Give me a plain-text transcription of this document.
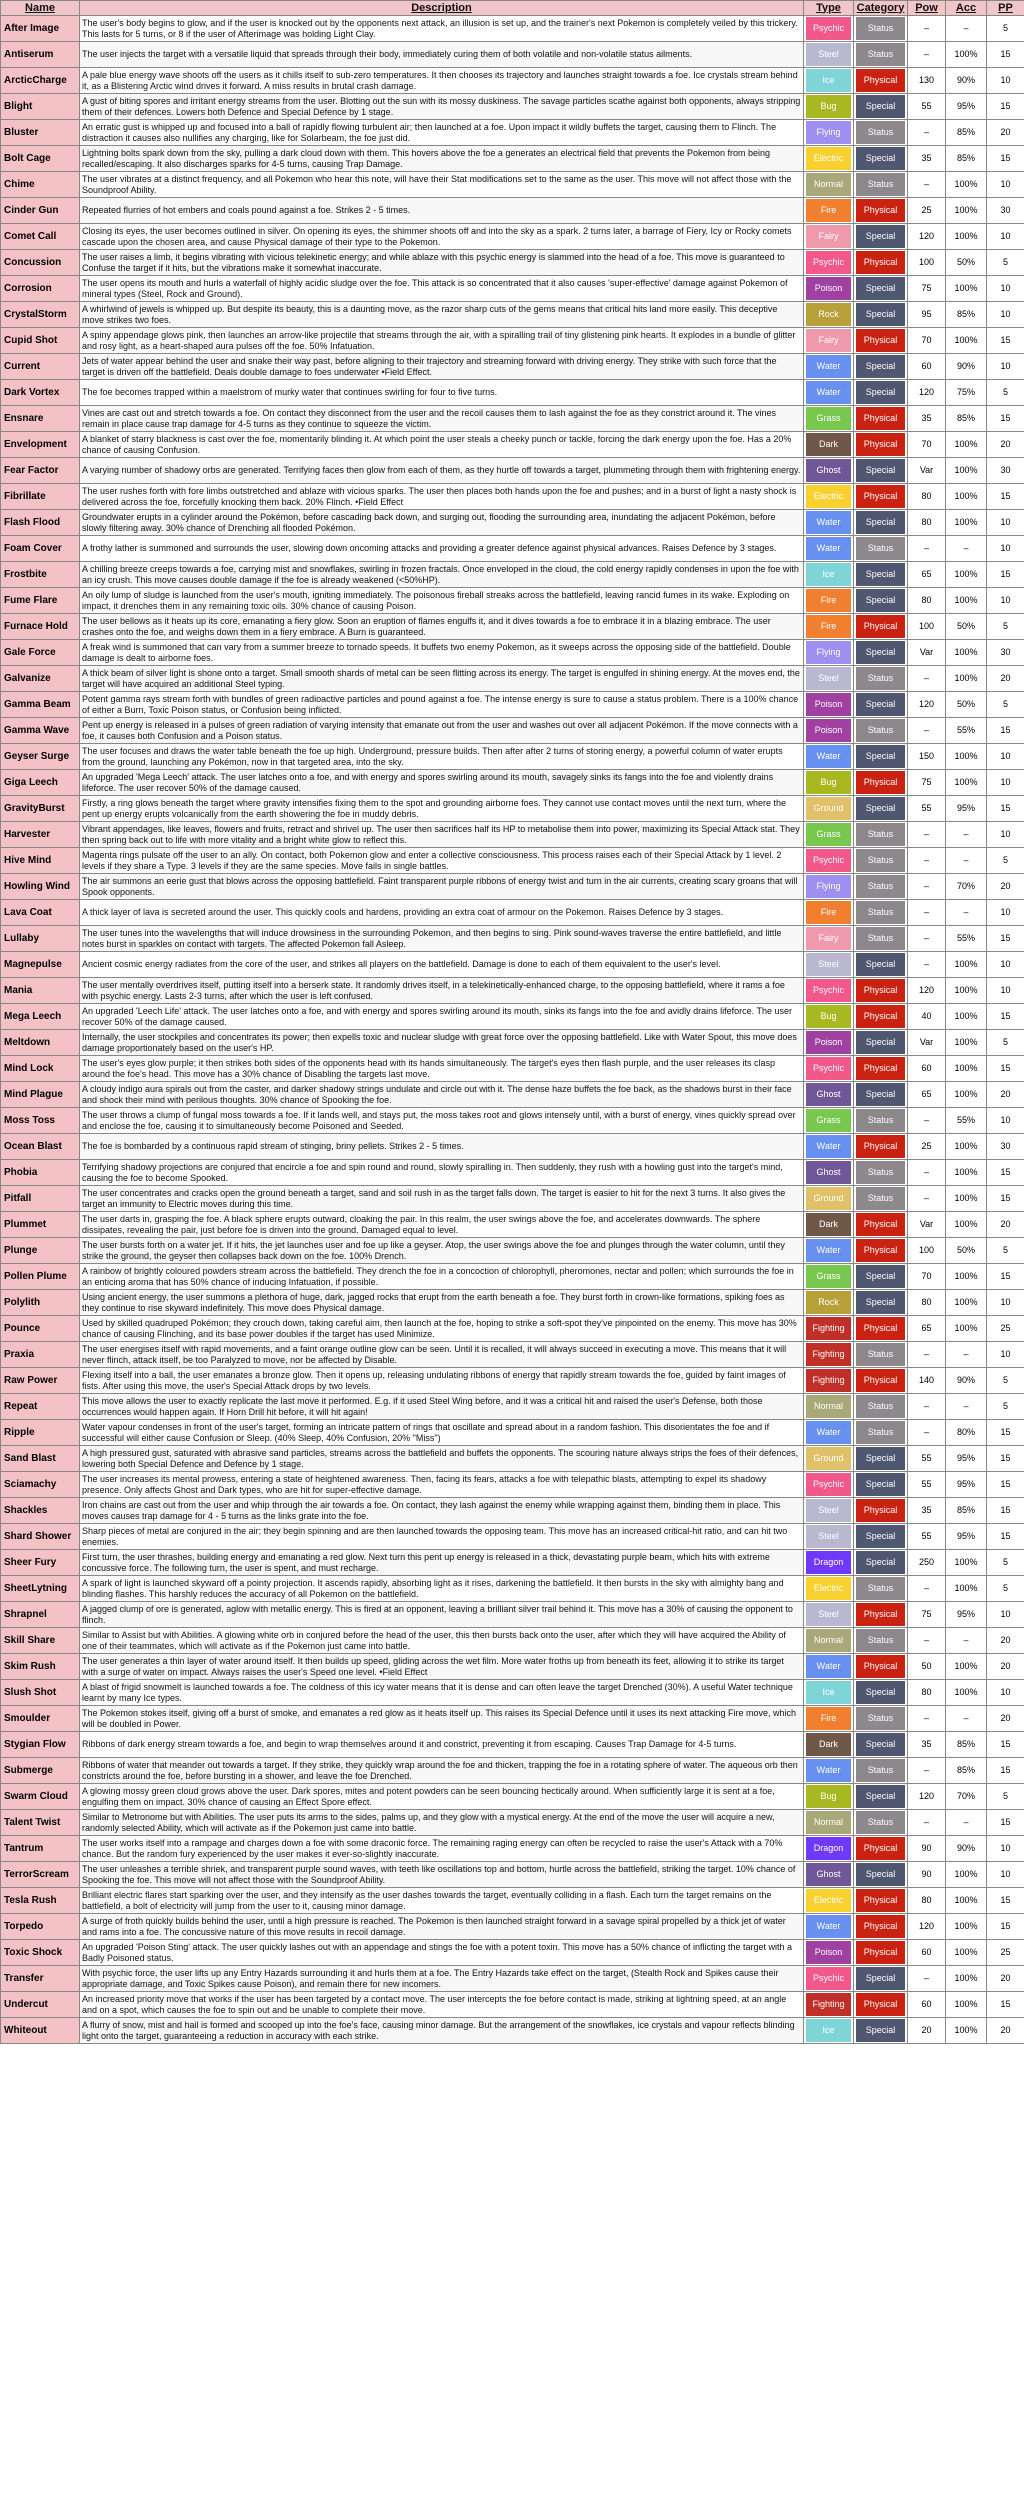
Name	Description	Type	Category	Pow	Acc	PP
After Image	The user's body begins to glow, and if the user is knocked out by the opponents next attack, an illusion is set up, and the trainer's next Pokemon is completely veiled by this trickery. This lasts for 5 turns, or 8 if the user of Afterimage was holding Light Clay.	Psychic	Status	–	–	5
Antiserum	The user injects the target with a versatile liquid that spreads through their body, immediately curing them of both volatile and non-volatile status ailments.	Steel	Status	–	100%	15
ArcticCharge	A pale blue energy wave shoots off the users as it chills itself to sub-zero temperatures. It then chooses its trajectory and launches straight towards a foe. Ice crystals stream behind it, as a Blistering Arctic wind drives it forward. A miss results in brutal crash damage.	Ice	Physical	130	90%	10
Blight	A gust of biting spores and irritant energy streams from the user. Blotting out the sun with its mossy duskiness. The savage particles scathe against both opponents, always stripping them of their defences. Lowers both Defence and Special Defence by 1 stage.	Bug	Special	55	95%	15
Bluster	An erratic gust is whipped up and focused into a ball of rapidly flowing turbulent air; then launched at a foe. Upon impact it wildly buffets the target, causing them to Flinch. The distraction it causes also nullifies any charging, like for Solarbeam, the foe just did.	Flying	Status	–	85%	20
Bolt Cage	Lightning bolts spark down from the sky, pulling a dark cloud down with them. This hovers above the foe a generates an electrical field that prevents the Pokemon from being recalled/escaping. It also discharges sparks for 4-5 turns, causing Trap Damage.	Electric	Special	35	85%	15
Chime	The user vibrates at a distinct frequency, and all Pokemon who hear this note, will have their Stat modifications set to the same as the user. This move will not affect those with the Soundproof Ability.	Normal	Status	–	100%	10
Cinder Gun	Repeated flurries of hot embers and coals pound against a foe. Strikes 2 - 5 times.	Fire	Physical	25	100%	30
Comet Call	Closing its eyes, the user becomes outlined in silver. On opening its eyes, the shimmer shoots off and into the sky as a spark. 2 turns later, a barrage of Fiery, Icy or Rocky comets cascade upon the chosen area, and cause Physical damage of their type to the Pokemon.	Fairy	Special	120	100%	10
Concussion	The user raises a limb, it begins vibrating with vicious telekinetic energy; and while ablaze with this psychic energy is slammed into the head of a foe. This move is guaranteed to Confuse the target if it hits, but the vibrations make it somewhat inaccurate.	Psychic	Physical	100	50%	5
Corrosion	The user opens its mouth and hurls a waterfall of highly acidic sludge over the foe. This attack is so concentrated that it also causes 'super-effective' damage against Pokemon of mineral types (Steel, Rock and Ground).	Poison	Special	75	100%	10
CrystalStorm	A whirlwind of jewels is whipped up. But despite its beauty, this is a daunting move, as the razor sharp cuts of the gems means that critical hits land more easily. This deceptive move strikes two foes.	Rock	Special	95	85%	10
Cupid Shot	A spiny appendage glows pink, then launches an arrow-like projectile that streams through the air, with a spiralling trail of tiny glistening pink hearts. It explodes in a bundle of glitter and rosy light, as a heart-shaped aura pulses off the foe. 50% Infatuation.	Fairy	Physical	70	100%	15
Current	Jets of water appear behind the user and snake their way past, before aligning to their trajectory and streaming forward with driving energy. They strike with such force that the target is driven off the battlefield. Deals double damage to foes underwater •Field Effect.	Water	Special	60	90%	10
Dark Vortex	The foe becomes trapped within a maelstrom of murky water that continues swirling for four to five turns.	Water	Special	120	75%	5
Ensnare	Vines are cast out and stretch towards a foe. On contact they disconnect from the user and the recoil causes them to lash against the foe as they constrict around it. The vines remain in place cause trap damage for 4-5 turns as they continue to squeeze the victim.	Grass	Physical	35	85%	15
Envelopment	A blanket of starry blackness is cast over the foe, momentarily blinding it. At which point the user steals a cheeky punch or tackle, forcing the dark energy upon the foe. Has a 20% chance of causing Confusion.	Dark	Physical	70	100%	20
Fear Factor	A varying number of shadowy orbs are generated. Terrifying faces then glow from each of them, as they hurtle off towards a target, plummeting through them with frightening energy.	Ghost	Special	Var	100%	30
Fibrillate	The user rushes forth with fore limbs outstretched and ablaze with vicious sparks. The user then places both hands upon the foe and pushes; and in a burst of light a nasty shock is delivered across the foe, forcefully knocking them back. 20% Flinch. •Field Effect	Electric	Physical	80	100%	15
Flash Flood	Groundwater erupts in a cylinder around the Pokémon, before cascading back down, and surging out, flooding the surrounding area, inundating the adjacent Pokémon, before slowly filtering away. 30% chance of Drenching all flooded Pokémon.	Water	Special	80	100%	10
Foam Cover	A frothy lather is summoned and surrounds the user, slowing down oncoming attacks and providing a greater defence against physical advances. Raises Defence by 3 stages.	Water	Status	–	–	10
Frostbite	A chilling breeze creeps towards a foe, carrying mist and snowflakes, swirling in frozen fractals. Once enveloped in the cloud, the cold energy rapidly condenses in upon the foe with an icy crush. This move causes double damage if the foe is already weakened (<50%HP).	Ice	Special	65	100%	15
Fume Flare	An oily lump of sludge is launched from the user's mouth, igniting immediately. The poisonous fireball streaks across the battlefield, leaving rancid fumes in its wake. Exploding on impact, it drenches them in any remaining toxic oils. 30% chance of causing Poison.	Fire	Special	80	100%	10
Furnace Hold	The user bellows as it heats up its core, emanating a fiery glow. Soon an eruption of flames engulfs it, and it dives towards a foe to embrace it in a blazing embrace. The user crashes onto the foe, and weighs down them in a fiery embrace. A Burn is guaranteed.	Fire	Physical	100	50%	5
Gale Force	A freak wind is summoned that can vary from a summer breeze to tornado speeds. It buffets two enemy Pokemon, as it sweeps across the opposing side of the battlefield. Double damage is dealt to airborne foes.	Flying	Special	Var	100%	30
Galvanize	A thick beam of silver light is shone onto a target. Small smooth shards of metal can be seen flitting across its energy. The target is engulfed in shining energy. At the moves end, the target will have acquired an additional Steel typing.	Steel	Status	–	100%	20
Gamma Beam	Potent gamma rays stream forth with bundles of green radioactive particles and pound against a foe. The intense energy is sure to cause a status problem. There is a 100% chance of either a Burn, Toxic Poison status, or Confusion being inflicted.	Poison	Special	120	50%	5
Gamma Wave	Pent up energy is released in a pulses of green radiation of varying intensity that emanate out from the user and washes out over all adjacent Pokémon. If the move connects with a foe, it causes both Confusion and a Poison status.	Poison	Status	–	55%	15
Geyser Surge	The user focuses and draws the water table beneath the foe up high. Underground, pressure builds. Then after after 2 turns of storing energy, a powerful column of water erupts from the ground, launching any Pokémon, now in that targeted area, into the sky.	Water	Special	150	100%	10
Giga Leech	An upgraded 'Mega Leech' attack. The user latches onto a foe, and with energy and spores swirling around its mouth, savagely sinks its fangs into the foe and violently drains lifeforce. The user recover 50% of the damage caused.	Bug	Physical	75	100%	10
GravityBurst	Firstly, a ring glows beneath the target where gravity intensifies fixing them to the spot and grounding airborne foes. They cannot use contact moves until the next turn, where the pent up energy erupts volcanically from the earth showering the foe in muddy debris.	Ground	Special	55	95%	15
Harvester	Vibrant appendages, like leaves, flowers and fruits, retract and shrivel up. The user then sacrifices half its HP to metabolise them into power, maximizing its Special Attack stat. They then spring back out to life with more vitality and a bright white glow to reflect this.	Grass	Status	–	–	10
Hive Mind	Magenta rings pulsate off the user to an ally. On contact, both Pokemon glow and enter a collective consciousness. This process raises each of their Special Attack by 1 level. 2 levels if they share a Type. 3 levels if they are the same species. Move fails in single battles.	Psychic	Status	–	–	5
Howling Wind	The air summons an eerie gust that blows across the opposing battlefield. Faint transparent purple ribbons of energy twist and turn in the air currents, creating scary groans that will Spook opponents.	Flying	Status	–	70%	20
Lava Coat	A thick layer of lava is secreted around the user. This quickly cools and hardens, providing an extra coat of armour on the Pokemon. Raises Defence by 3 stages.	Fire	Status	–	–	10
Lullaby	The user tunes into the wavelengths that will induce drowsiness in the surrounding Pokemon, and then begins to sing. Pink sound-waves traverse the entire battlefield, and little notes burst in sparkles on contact with targets. The affected Pokemon fall Asleep.	Fairy	Status	–	55%	15
Magnepulse	Ancient cosmic energy radiates from the core of the user, and strikes all players on the battlefield. Damage is done to each of them equivalent to the user's level.	Steel	Special	–	100%	10
Mania	The user mentally overdrives itself, putting itself into a berserk state. It randomly drives itself, in a telekinetically-enhanced charge, to the opposing battlefield, where it rams a foe with psychic energy. Lasts 2-3 turns, after which the user is left confused.	Psychic	Physical	120	100%	10
Mega Leech	An upgraded 'Leech Life' attack. The user latches onto a foe, and with energy and spores swirling around its mouth, sinks its fangs into the foe and avidly drains lifeforce. The user recover 50% of the damage caused.	Bug	Physical	40	100%	15
Meltdown	Internally, the user stockpiles and concentrates its power; then expells toxic and nuclear sludge with great force over the opposing battlefield. Like with Water Spout, this move does damage proportionately based on the user's HP.	Poison	Special	Var	100%	5
Mind Lock	The user's eyes glow purple; it then strikes both sides of the opponents head with its hands simultaneously. The target's eyes then flash purple, and the user releases its clasp around the foe's head. This move has a 30% chance of Disabling the targets last move.	Psychic	Physical	60	100%	15
Mind Plague	A cloudy indigo aura spirals out from the caster, and darker shadowy strings undulate and circle out with it. The dense haze buffets the foe back, as the shadows burst in their face and shock their mind with perilous thoughts. 30% chance of Spooking the foe.	Ghost	Special	65	100%	20
Moss Toss	The user throws a clump of fungal moss towards a foe. If it lands well, and stays put, the moss takes root and glows intensely until, with a burst of energy, vines quickly spread over and enclose the foe, causing it to simultaneously become Poisoned and Seeded.	Grass	Status	–	55%	10
Ocean Blast	The foe is bombarded by a continuous rapid stream of stinging, briny pellets. Strikes 2 - 5 times.	Water	Physical	25	100%	30
Phobia	Terrifying shadowy projections are conjured that encircle a foe and spin round and round, slowly spiralling in. Then suddenly, they rush with a howling gust into the target's mind, causing the foe to become Spooked.	Ghost	Status	–	100%	15
Pitfall	The user concentrates and cracks open the ground beneath a target, sand and soil rush in as the target falls down. The target is easier to hit for the next 3 turns. It also gives the target an immunity to Electric moves during this time.	Ground	Status	–	100%	15
Plummet	The user darts in, grasping the foe. A black sphere erupts outward, cloaking the pair. In this realm, the user swings above the foe, and accelerates downwards. The sphere dissipates, revealing the pair, just before foe is driven into the ground. Damaged equal to level.	Dark	Physical	Var	100%	20
Plunge	The user bursts forth on a water jet. If it hits, the jet launches user and foe up like a geyser. Atop, the user swings above the foe and plunges through the water column, until they strike the ground, the geyser then collapses back down on the foe. 100% Drench.	Water	Physical	100	50%	5
Pollen Plume	A rainbow of brightly coloured powders stream across the battlefield. They drench the foe in a concoction of chlorophyll, pheromones, nectar and pollen; which surrounds the foe in an enticing aroma that has 50% chance of inducing Infatuation, if possible.	Grass	Special	70	100%	15
Polylith	Using ancient energy, the user summons a plethora of huge, dark, jagged rocks that erupt from the earth beneath a foe. They burst forth in crown-like formations, spiking foes as they continue to rise skyward indefinitely. This move does Physical damage.	Rock	Special	80	100%	10
Pounce	Used by skilled quadruped Pokémon; they crouch down, taking careful aim, then launch at the foe, hoping to strike a soft-spot they've pinpointed on the enemy. This move has 30% chance of causing Flinching, and its base power doubles if the target has used Minimize.	Fighting	Physical	65	100%	25
Praxia	The user energises itself with rapid movements, and a faint orange outline glow can be seen. Until it is recalled, it will always succeed in executing a move. This means that it will never flinch, attack itself, be too Paralyzed to move, nor be affected by Disable.	Fighting	Status	–	–	10
Raw Power	Flexing itself into a ball, the user emanates a bronze glow. Then it opens up, releasing undulating ribbons of energy that rapidly stream towards the foe, guided by faint images of fists. After using this move, the user's Special Attack drops by two levels.	Fighting	Physical	140	90%	5
Repeat	This move allows the user to exactly replicate the last move it performed. E.g. if it used Steel Wing before, and it was a critical hit and raised the user's Defense, both those occurrences would happen again. If Horn Drill hit before, it will hit again!	Normal	Status	–	–	5
Ripple	Water vapour condenses in front of the user's target, forming an intricate pattern of rings that oscillate and spread about in a random fashion. This disorientates the foe and if successful will either cause Confusion or Sleep. (40% Sleep, 40% Confusion, 20% "Miss")	Water	Status	–	80%	15
Sand Blast	A high pressured gust, saturated with abrasive sand particles, streams across the battlefield and buffets the opponents. The scouring nature always strips the foes of their defences, lowering both Special Defence and Defence by 1 stage.	Ground	Special	55	95%	15
Sciamachy	The user increases its mental prowess, entering a state of heightened awareness. Then, facing its fears, attacks a foe with telepathic blasts, attempting to expel its shadowy presence. Only affects Ghost and Dark types, who are hit for super-effective damage.	Psychic	Special	55	95%	15
Shackles	Iron chains are cast out from the user and whip through the air towards a foe. On contact, they lash against the enemy while wrapping against them, binding them in place. This moves causes trap damage for 4 - 5 turns as the links grate into the foe.	Steel	Physical	35	85%	15
Shard Shower	Sharp pieces of metal are conjured in the air; they begin spinning and are then launched towards the opposing team. This move has an increased critical-hit ratio, and can hit two enemies.	Steel	Special	55	95%	15
Sheer Fury	First turn, the user thrashes, building energy and emanating a red glow. Next turn this pent up energy is released in a thick, devastating purple beam, which hits with extreme concussive force. The following turn, the user is spent, and must recharge.	Dragon	Special	250	100%	5
SheetLytning	A spark of light is launched skyward off a pointy projection. It ascends rapidly, absorbing light as it rises, darkening the battlefield. It then bursts in the sky with almighty bang and blinding flashes. This harshly reduces the accuracy of all Pokemon on the battlefield.	Electric	Status	–	100%	5
Shrapnel	A jagged clump of ore is generated, aglow with metallic energy. This is fired at an opponent, leaving a brilliant silver trail behind it. This move has a 30% of causing the opponent to flinch.	Steel	Physical	75	95%	10
Skill Share	Similar to Assist but with Abilities. A glowing white orb in conjured before the head of the user, this then bursts back onto the user, after which they will have acquired the Ability of one of their teammates, which will activate as if the Pokemon just came into battle.	Normal	Status	–	–	20
Skim Rush	The user generates a thin layer of water around itself. It then builds up speed, gliding across the wet film. More water froths up from beneath its feet, allowing it to strike its target with a surge of water on impact. Always raises the user's Speed one level. •Field Effect	Water	Physical	50	100%	20
Slush Shot	A blast of frigid snowmelt is launched towards a foe. The coldness of this icy water means that it is dense and can often leave the target Drenched (30%). A useful Water technique learnt by many Ice types.	Ice	Special	80	100%	10
Smoulder	The Pokemon stokes itself, giving off a burst of smoke, and emanates a red glow as it heats itself up. This raises its Special Defence until it uses its next attacking Fire move, which will be doubled in Power.	Fire	Status	–	–	20
Stygian Flow	Ribbons of dark energy stream towards a foe, and begin to wrap themselves around it and constrict, preventing it from escaping. Causes Trap Damage for 4-5 turns.	Dark	Special	35	85%	15
Submerge	Ribbons of water that meander out towards a target. If they strike, they quickly wrap around the foe and thicken, trapping the foe in a rotating sphere of water. The aqueous orb then constricts around the foe, before bursting in a shower, and leave the foe Drenched.	Water	Status	–	85%	15
Swarm Cloud	A glowing mossy green cloud grows above the user. Dark spores, mites and potent powders can be seen bouncing hectically around. When sufficiently large it is sent at a foe, engulfing them on impact. 30% chance of causing an Effect Spore effect.	Bug	Special	120	70%	5
Talent Twist	Similar to Metronome but with Abilities. The user puts its arms to the sides, palms up, and they glow with a mystical energy. At the end of the move the user will acquire a new, randomly selected Ability, which will activate as if the Pokemon just came into battle.	Normal	Status	–	–	15
Tantrum	The user works itself into a rampage and charges down a foe with some draconic force. The remaining raging energy can often be recycled to raise the user's Attack with a 70% chance. But the random fury experienced by the user makes it ever-so-slightly inaccurate.	Dragon	Physical	90	90%	10
TerrorScream	The user unleashes a terrible shriek, and transparent purple sound waves, with teeth like oscillations top and bottom, hurtle across the battlefield, striking the target. 10% chance of Spooking the foe. This move will not affect those with the Soundproof Ability.	Ghost	Special	90	100%	10
Tesla Rush	Brilliant electric flares start sparking over the user, and they intensify as the user dashes towards the target, eventually colliding in a flash. Each turn the target remains on the battlefield, a bolt of electricity will jump from the user to it, causing minor damage.	Electric	Physical	80	100%	15
Torpedo	A surge of froth quickly builds behind the user, until a high pressure is reached. The Pokemon is then launched straight forward in a savage spiral propelled by a thick jet of water and rams into a foe. The concussive nature of this move results in recoil damage.	Water	Physical	120	100%	15
Toxic Shock	An upgraded 'Poison Sting' attack. The user quickly lashes out with an appendage and stings the foe with a potent toxin. This move has a 50% chance of inflicting the target with a Badly Poisoned status.	Poison	Physical	60	100%	25
Transfer	With psychic force, the user lifts up any Entry Hazards surrounding it and hurls them at a foe. The Entry Hazards take effect on the target, (Stealth Rock and Spikes cause their appropriate damage, and Toxic Spikes cause Poison), and remain there for new incomers.	Psychic	Special	–	100%	20
Undercut	An increased priority move that works if the user has been targeted by a contact move. The user intercepts the foe before contact is made, striking at lightning speed, at an angle and on a spot, which causes the foe to spin out and be unable to complete their move.	Fighting	Physical	60	100%	15
Whiteout	A flurry of snow, mist and hail is formed and scooped up into the foe's face, causing minor damage. But the arrangement of the snowflakes, ice crystals and vapour reflects blinding light onto the target, guaranteeing a reduction in accuracy with each strike.	Ice	Special	20	100%	20
